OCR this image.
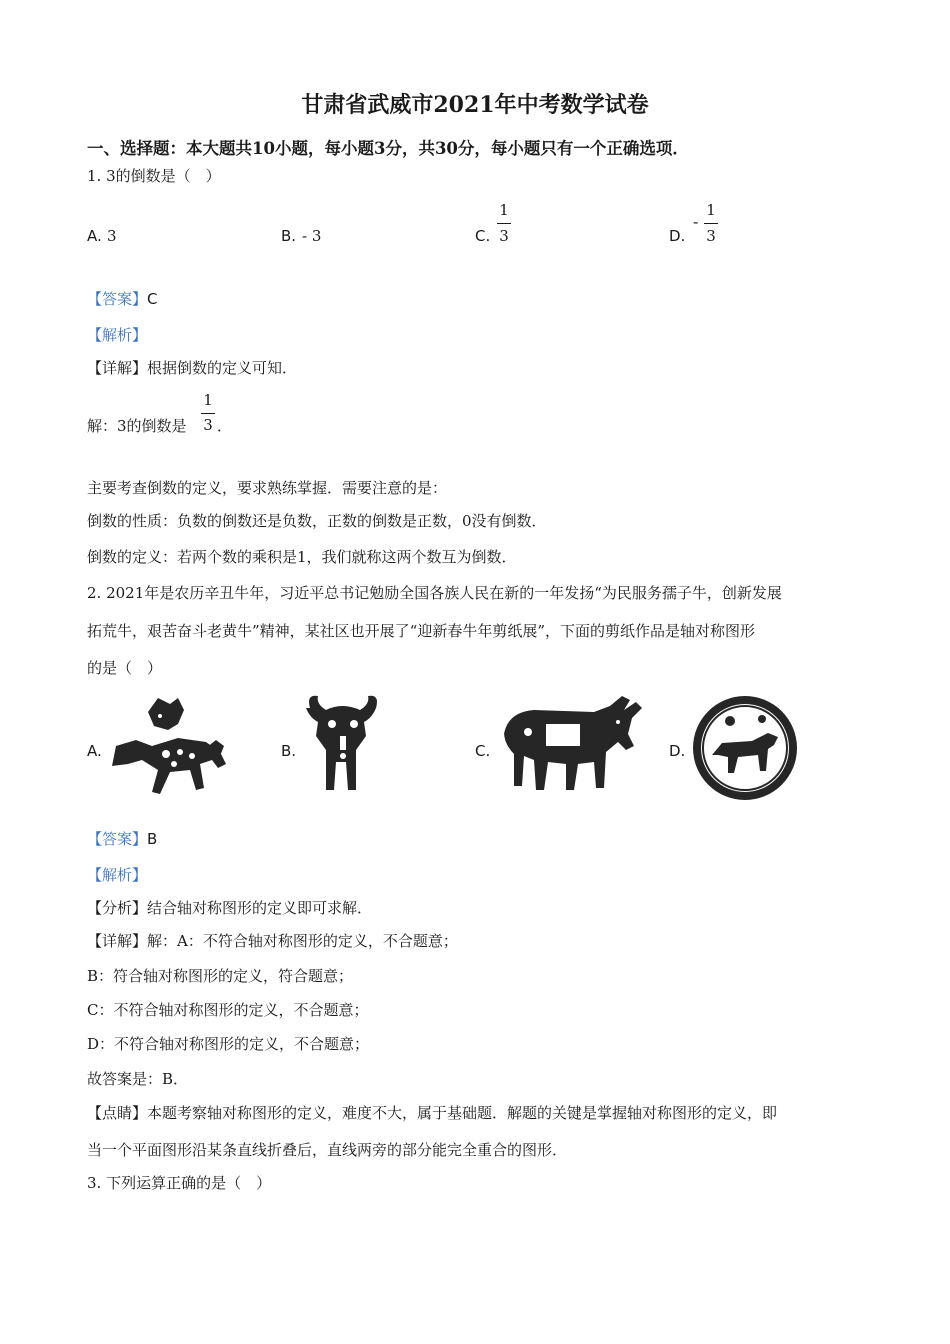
甘肃省武威市2021年中考数学试卷
一、选择题：本大题共10小题，每小题3分，共30分，每小题只有一个正确选项．
1. 3的倒数是（　）
A. 3	B. - 3	C.
1
3	D.
-
1
3
【答案】C
【解析】
【详解】根据倒数的定义可知．
解：3的倒数是
1
3 ．
主要考查倒数的定义，要求熟练掌握．需要注意的是：
倒数的性质：负数的倒数还是负数，正数的倒数是正数，0没有倒数．
倒数的定义：若两个数的乘积是1，我们就称这两个数互为倒数．
2. 2021年是农历辛丑牛年，习近平总书记勉励全国各族人民在新的一年发扬“为民服务孺子牛，创新发展
拓荒牛，艰苦奋斗老黄牛”精神，某社区也开展了“迎新春牛年剪纸展”，下面的剪纸作品是轴对称图形
的是（　）
A.	B.	C.	D.
【答案】B
【解析】
【分析】结合轴对称图形的定义即可求解．
【详解】解：A：不符合轴对称图形的定义，不合题意；
B：符合轴对称图形的定义，符合题意；
C：不符合轴对称图形的定义，不合题意；
D：不符合轴对称图形的定义，不合题意；
故答案是：B．
【点睛】本题考察轴对称图形的定义，难度不大，属于基础题．解题的关键是掌握轴对称图形的定义，即
当一个平面图形沿某条直线折叠后，直线两旁的部分能完全重合的图形．
3. 下列运算正确的是（　）
